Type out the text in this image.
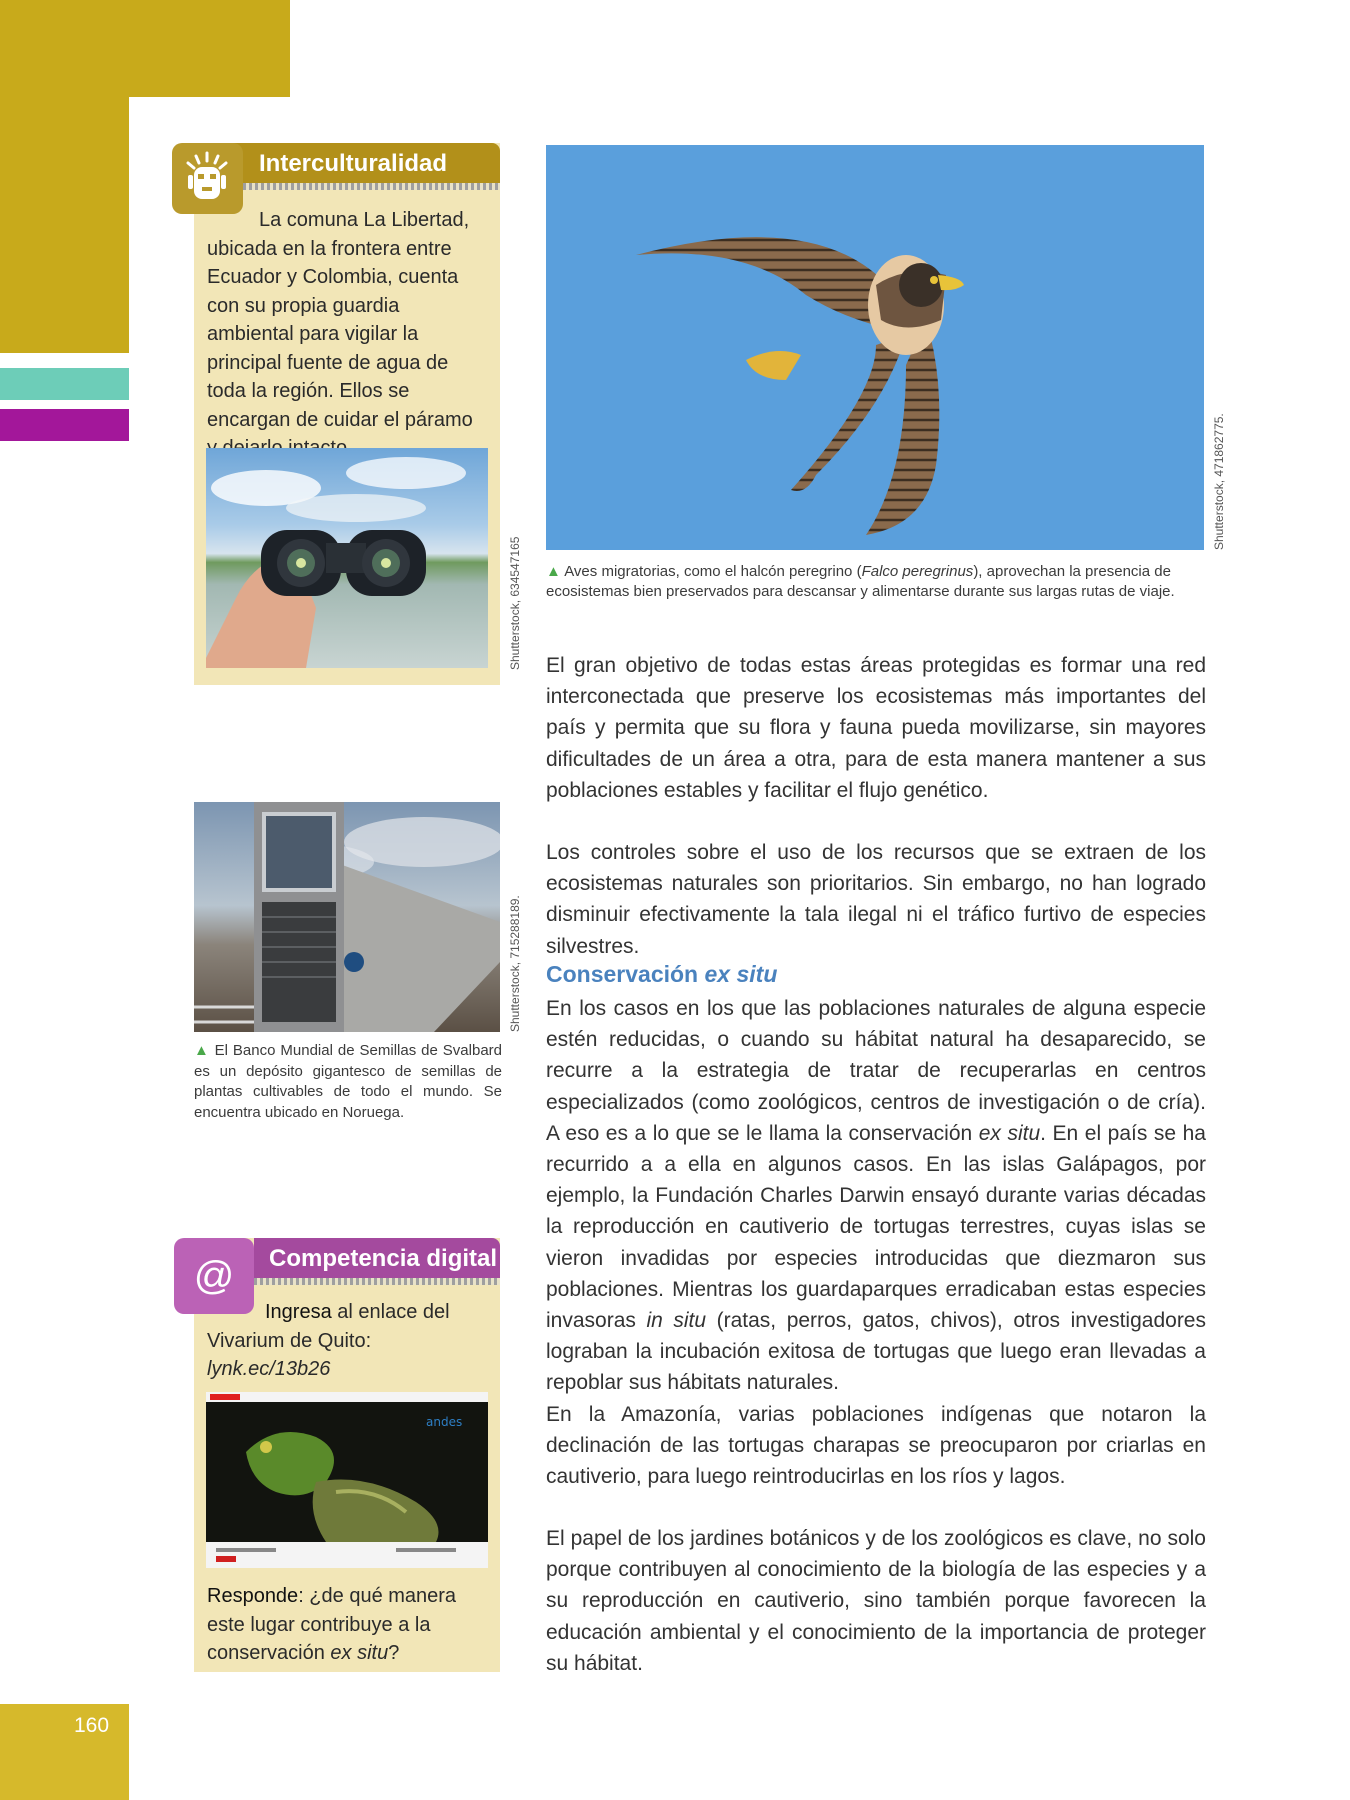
160
Interculturalidad
La comuna La Libertad, ubicada en la frontera entre Ecuador y Colombia, cuenta con su propia guardia ambiental para vigilar la principal fuente de agua de toda la región. Ellos se encargan de cuidar el páramo
Shutterstock, 634547165
Shutterstock, 471862775.
▲ Aves migratorias, como el halcón peregrino (Falco peregrinus), aprovechan la presencia de ecosistemas bien preservados para descansar y alimentarse durante sus largas rutas de viaje.
El gran objetivo de todas estas áreas protegidas es formar una red interconectada que preserve los ecosistemas más importantes del país y permita que su flora y fauna pueda movilizarse, sin mayores dificultades de un área a otra, para de esta manera mantener a sus poblaciones estables y facilitar el flujo genético.
Los controles sobre el uso de los recursos que se extraen de los ecosistemas naturales son prioritarios. Sin embargo, no han logrado disminuir efectivamente la tala ilegal ni el tráfico furtivo de especies silvestres.
Conservación ex situ
En los casos en los que las poblaciones naturales de alguna especie estén reducidas, o cuando su hábitat natural ha desaparecido, se recurre a la estrategia de tratar de recuperarlas en centros especializados (como zoológicos, centros de investigación o de cría). A eso es a lo que se le llama la conservación ex situ. En el país se ha recurrido a a ella en algunos casos. En las islas Galápagos, por ejemplo, la Fundación Charles Darwin ensayó durante varias décadas la reproducción en cautiverio de tortugas terrestres, cuyas islas se vieron invadidas por especies introducidas que diezmaron sus poblaciones. Mientras los guardaparques erradicaban estas especies invasoras in situ (ratas, perros, gatos, chivos), otros investigadores lograban la incubación exitosa de tortugas que luego eran llevadas a repoblar sus hábitats naturales.
En la Amazonía, varias poblaciones indígenas que notaron la declinación de las tortugas charapas se preocuparon por criarlas en cautiverio, para luego reintroducirlas en los ríos y lagos.
El papel de los jardines botánicos y de los zoológicos es clave, no solo porque contribuyen al conocimiento de la biología de las especies y a su reproducción en cautiverio, sino también porque favorecen la educación ambiental y el conocimiento de la importancia de proteger su hábitat.
Shutterstock, 715288189.
▲ El Banco Mundial de Semillas de Svalbard es un depósito gigantesco de semillas de plantas cultivables de todo el mundo. Se encuentra ubicado en Noruega.
Competencia digital
@
Ingresa al enlace del Vivarium de Quito:
lynk.ec/13b26
andes
Responde: ¿de qué manera este lugar contribuye a la conservación ex situ?
